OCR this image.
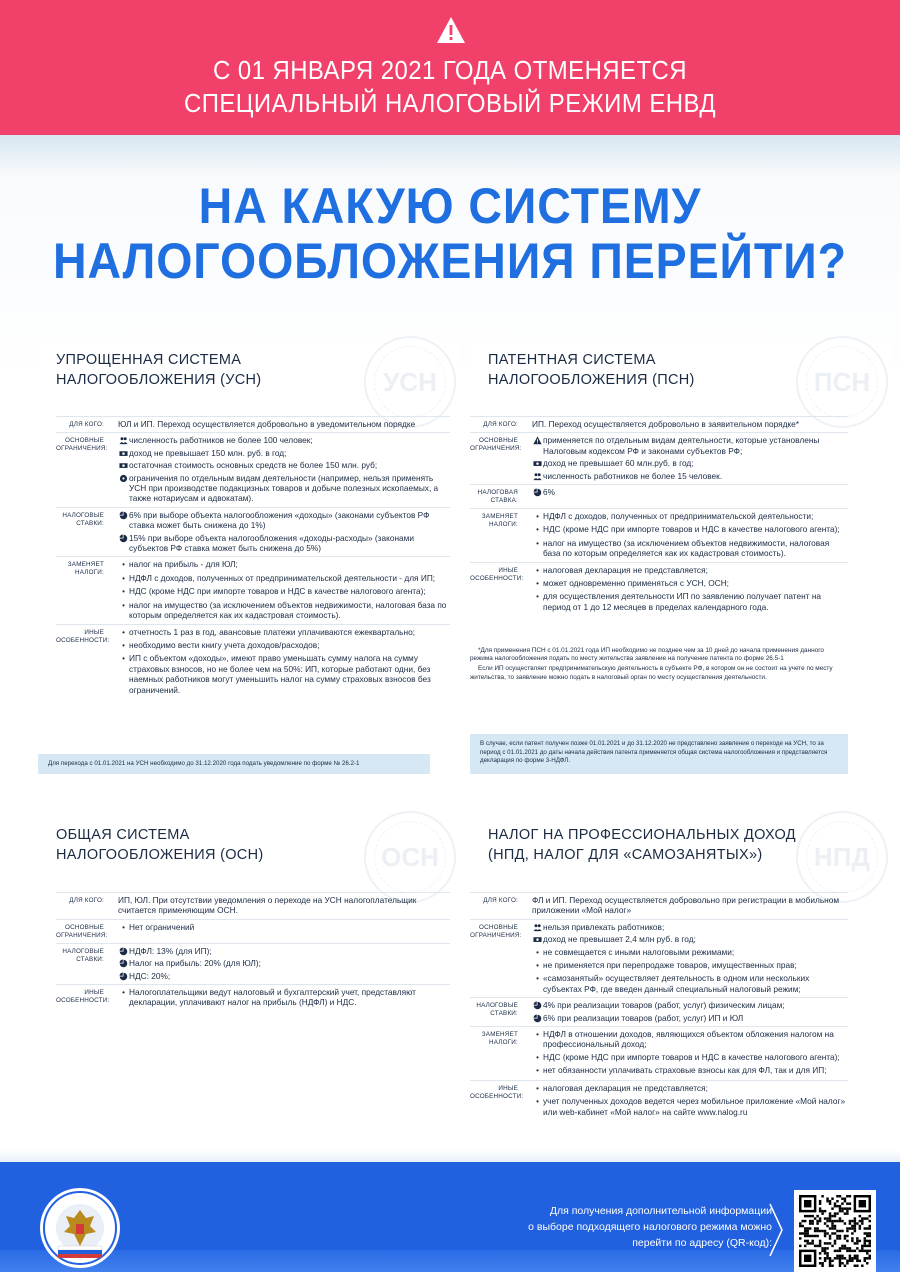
С 01 ЯНВАРЯ 2021 ГОДА ОТМЕНЯЕТСЯ
СПЕЦИАЛЬНЫЙ НАЛОГОВЫЙ РЕЖИМ ЕНВД
НА КАКУЮ СИСТЕМУ
НАЛОГООБЛОЖЕНИЯ ПЕРЕЙТИ?
УСН
УПРОЩЕННАЯ СИСТЕМА
НАЛОГООБЛОЖЕНИЯ (УСН)
ДЛЯ КОГО: ЮЛ и ИП. Переход осуществляется добровольно в уведомительном порядке
ОСНОВНЫЕ ОГРАНИЧЕНИЯ:
численность работников не более 100 человек;
доход не превышает 150 млн. руб. в год;
остаточная стоимость основных средств не более 150 млн. руб;
ограничения по отдельным видам деятельности (например, нельзя применять УСН при производстве подакцизных товаров и добыче полезных ископаемых, а также нотариусам и адвокатам).
НАЛОГОВЫЕ СТАВКИ:
6% при выборе объекта налогообложения «доходы» (законами субъектов РФ ставка может быть снижена до 1%)
15% при выборе объекта налогообложения «доходы-расходы» (законами субъектов РФ ставка может быть снижена до 5%)
ЗАМЕНЯЕТ НАЛОГИ:
• налог на прибыль - для ЮЛ;
• НДФЛ с доходов, полученных от предпринимательской деятельности - для ИП;
• НДС (кроме НДС при импорте товаров и НДС в качестве налогового агента);
• налог на имущество (за исключением объектов недвижимости, налоговая база по которым определяется как их кадастровая стоимость).
ИНЫЕ ОСОБЕННОСТИ:
• отчетность 1 раз в год, авансовые платежи уплачиваются ежеквартально;
• необходимо вести книгу учета доходов/расходов;
• ИП с объектом «доходы», имеют право уменьшать сумму налога на сумму страховых взносов, но не более чем на 50%: ИП, которые работают одни, без наемных работников могут уменьшить налог на сумму страховых взносов без ограничений.
Для перехода с 01.01.2021 на УСН необходимо до 31.12.2020 года подать уведомление по форме № 26.2-1
ПСН
ПАТЕНТНАЯ СИСТЕМА
НАЛОГООБЛОЖЕНИЯ (ПСН)
ДЛЯ КОГО: ИП. Переход осуществляется добровольно в заявительном порядке*
ОСНОВНЫЕ ОГРАНИЧЕНИЯ:
применяется по отдельным видам деятельности, которые установлены Налоговым кодексом РФ и законами субъектов РФ;
доход не превышает 60 млн.руб. в год;
численность работников не более 15 человек.
НАЛОГОВАЯ СТАВКА:
6%
ЗАМЕНЯЕТ НАЛОГИ:
• НДФЛ с доходов, полученных от предпринимательской деятельности;
• НДС (кроме НДС при импорте товаров и НДС в качестве налогового агента);
• налог на имущество (за исключением объектов недвижимости, налоговая база по которым определяется как их кадастровая стоимость).
ИНЫЕ ОСОБЕННОСТИ:
• налоговая декларация не представляется;
• может одновременно применяться с УСН, ОСН;
• для осуществления деятельности ИП по заявлению получает патент на период от 1 до 12 месяцев в пределах календарного года.

*Для применения ПСН с 01.01.2021 года ИП необходимо не позднее чем за 10 дней до начала применения данного режима налогообложения подать по месту жительства заявление на получение патента по форме 26.5-1

Если ИП осуществляет предпринимательскую деятельность в субъекте РФ, в котором он не состоит на учете по месту жительства, то заявление можно подать в налоговый орган по месту осуществления деятельности.

В случае, если патент получен позже 01.01.2021 и до 31.12.2020 не представлено заявление о переходе на УСН, то за период с 01.01.2021 до даты начала действия патента применяется общая система налогообложения и представляется декларация по форме 3-НДФЛ.
ОСН
ОБЩАЯ СИСТЕМА
НАЛОГООБЛОЖЕНИЯ (ОСН)
ДЛЯ КОГО: ИП, ЮЛ. При отсутствии уведомления о переходе на УСН налогоплательщик считается применяющим ОСН.
ОСНОВНЫЕ ОГРАНИЧЕНИЯ:
• Нет ограничений
НАЛОГОВЫЕ СТАВКИ:
НДФЛ: 13% (для ИП);
Налог на прибыль: 20% (для ЮЛ);
НДС: 20%;
ИНЫЕ ОСОБЕННОСТИ:
• Налогоплательщики ведут налоговый и бухгалтерский учет, представляют декларации, уплачивают налог на прибыль (НДФЛ) и НДС.
НПД
НАЛОГ НА ПРОФЕССИОНАЛЬНЫХ ДОХОД
(НПД, НАЛОГ ДЛЯ «САМОЗАНЯТЫХ»)
ДЛЯ КОГО: ФЛ и ИП. Переход осуществляется добровольно при регистрации в мобильном приложении «Мой налог»
ОСНОВНЫЕ ОГРАНИЧЕНИЯ:
нельзя привлекать работников;
доход не превышает 2,4 млн руб. в год;
• не совмещается с иными налоговыми режимами;
• не применяется при перепродаже товаров, имущественных прав;
• «самозанятый» осуществляет деятельность в одном или нескольких субъектах РФ, где введен данный специальный налоговый режим;
НАЛОГОВЫЕ СТАВКИ:
4% при реализации товаров (работ, услуг) физическим лицам;
6% при реализации товаров (работ, услуг) ИП и ЮЛ
ЗАМЕНЯЕТ НАЛОГИ:
• НДФЛ в отношении доходов, являющихся объектом обложения налогом на профессиональный доход;
• НДС (кроме НДС при импорте товаров и НДС в качестве налогового агента);
• нет обязанности уплачивать страховые взносы как для ФЛ, так и для ИП;
ИНЫЕ ОСОБЕННОСТИ:
• налоговая декларация не представляется;
• учет полученных доходов ведется через мобильное приложение «Мой налог» или web-кабинет «Мой налог» на сайте www.nalog.ru
Для получения дополнительной информации
о выборе подходящего налогового режима можно
перейти по адресу (QR-код):
